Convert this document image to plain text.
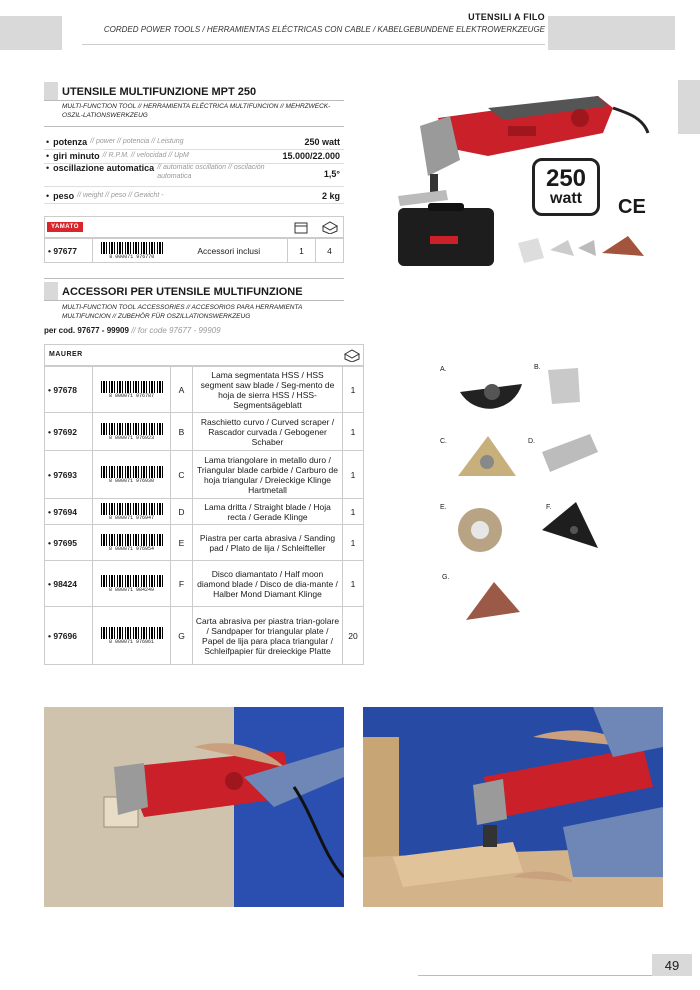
UTENSILI A FILO
CORDED POWER TOOLS / HERRAMIENTAS ELÉCTRICAS CON CABLE / KABELGEBUNDENE ELEKTROWERKZEUGE
UTENSILE MULTIFUNZIONE MPT 250
MULTI-FUNCTION TOOL // HERRAMIENTA ELÉCTRICA MULTIFUNCION // MEHRZWECK-OSZIL-LATIONSWERKZEUG
• potenza // power // potencia // Leistung	250 watt
• giri minuto // R.P.M. // velocidad // UpM	15.000/22.000
• oscillazione automatica // automatic oscillation // oscilación automatica	1,5°
• peso // weight // peso // Gewicht -	2 kg
YAMATO
• 97677	
8 000071 976770
	Accessori inclusi	1	4
250
watt CE
ACCESSORI PER UTENSILE MULTIFUNZIONE
MULTI-FUNCTION TOOL ACCESSORIES // ACCESORIOS PARA HERRAMIENTA MULTIFUNCION // ZUBEHÖR FÜR OSZILLATIONSWERKZEUG
per cod. 97677 - 99909 // for code 97677 - 99909
MAURER
• 97678	8 000071 976787	A	Lama segmentata HSS / HSS segment saw blade / Seg-mento de hoja de sierra HSS / HSS-Segmentsägeblatt	1
• 97692	8 000071 976923	B	Raschietto curvo / Curved scraper / Rascador curvada / Gebogener Schaber	1
• 97693	8 000071 976930	C	Lama triangolare in metallo duro / Triangular blade carbide / Carburo de hoja triangular / Dreieckige Klinge Hartmetall	1
• 97694	8 000071 976947	D	Lama dritta / Straight blade / Hoja recta / Gerade Klinge	1
• 97695	8 000071 976954	E	Piastra per carta abrasiva / Sanding pad / Plato de lija / Schleifteller	1
• 98424	8 000071 984249	F	Disco diamantato / Half moon diamond blade / Disco de dia-mante / Halber Mond Diamant Klinge	1
• 97696	8 000071 976961	G	Carta abrasiva per piastra trian-golare / Sandpaper for triangular plate / Papel de lija para placa triangular / Schleifpapier für dreieckige Platte	20
A.	B.
C.	D.
E.	F.
G.
49
